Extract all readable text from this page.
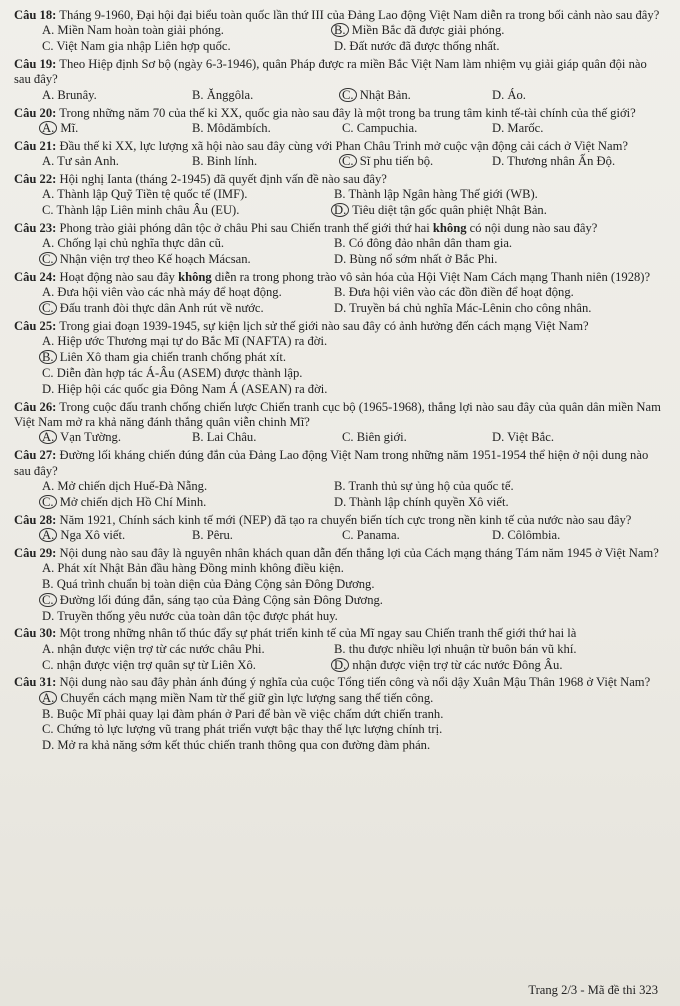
Câu 18: Tháng 9-1960, Đại hội đại biểu toàn quốc lần thứ III của Đảng Lao động Việt Nam diễn ra trong bối cảnh nào sau đây?
A. Miền Nam hoàn toàn giải phóng.	B. Miền Bắc đã được giải phóng.
C. Việt Nam gia nhập Liên hợp quốc.	D. Đất nước đã được thống nhất.
Câu 19: Theo Hiệp định Sơ bộ (ngày 6-3-1946), quân Pháp được ra miền Bắc Việt Nam làm nhiệm vụ giải giáp quân đội nào sau đây?
A. Brunây.	B. Ănggôla.	C. Nhật Bản.	D. Áo.
Câu 20: Trong những năm 70 của thế kỉ XX, quốc gia nào sau đây là một trong ba trung tâm kinh tế-tài chính của thế giới?
A. Mĩ.	B. Môdămbích.	C. Campuchia.	D. Marốc.
Câu 21: Đầu thế kỉ XX, lực lượng xã hội nào sau đây cùng với Phan Châu Trinh mở cuộc vận động cải cách ở Việt Nam?
A. Tư sản Anh.	B. Binh lính.	C. Sĩ phu tiến bộ.	D. Thương nhân Ấn Độ.
Câu 22: Hội nghị Ianta (tháng 2-1945) đã quyết định vấn đề nào sau đây?
A. Thành lập Quỹ Tiền tệ quốc tế (IMF).	B. Thành lập Ngân hàng Thế giới (WB).
C. Thành lập Liên minh châu Âu (EU).	D. Tiêu diệt tận gốc quân phiệt Nhật Bản.
Câu 23: Phong trào giải phóng dân tộc ở châu Phi sau Chiến tranh thế giới thứ hai không có nội dung nào sau đây?
A. Chống lại chủ nghĩa thực dân cũ.	B. Có đông đảo nhân dân tham gia.
C. Nhận viện trợ theo Kế hoạch Mácsan.	D. Bùng nổ sớm nhất ở Bắc Phi.
Câu 24: Hoạt động nào sau đây không diễn ra trong phong trào vô sản hóa của Hội Việt Nam Cách mạng Thanh niên (1928)?
A. Đưa hội viên vào các nhà máy để hoạt động.	B. Đưa hội viên vào các đồn điền để hoạt động.
C. Đấu tranh đòi thực dân Anh rút về nước.	D. Truyền bá chủ nghĩa Mác-Lênin cho công nhân.
Câu 25: Trong giai đoạn 1939-1945, sự kiện lịch sử thế giới nào sau đây có ảnh hưởng đến cách mạng Việt Nam?
A. Hiệp ước Thương mại tự do Bắc Mĩ (NAFTA) ra đời.
B. Liên Xô tham gia chiến tranh chống phát xít.
C. Diễn đàn hợp tác Á-Âu (ASEM) được thành lập.
D. Hiệp hội các quốc gia Đông Nam Á (ASEAN) ra đời.
Câu 26: Trong cuộc đấu tranh chống chiến lược Chiến tranh cục bộ (1965-1968), thắng lợi nào sau đây của quân dân miền Nam Việt Nam mở ra khả năng đánh thắng quân viễn chinh Mĩ?
A. Vạn Tường.	B. Lai Châu.	C. Biên giới.	D. Việt Bắc.
Câu 27: Đường lối kháng chiến đúng đắn của Đảng Lao động Việt Nam trong những năm 1951-1954 thể hiện ở nội dung nào sau đây?
A. Mở chiến dịch Huế-Đà Nẵng.	B. Tranh thủ sự ủng hộ của quốc tế.
C. Mở chiến dịch Hồ Chí Minh.	D. Thành lập chính quyền Xô viết.
Câu 28: Năm 1921, Chính sách kinh tế mới (NEP) đã tạo ra chuyển biến tích cực trong nền kinh tế của nước nào sau đây?
A. Nga Xô viết.	B. Pêru.	C. Panama.	D. Côlômbia.
Câu 29: Nội dung nào sau đây là nguyên nhân khách quan dẫn đến thắng lợi của Cách mạng tháng Tám năm 1945 ở Việt Nam?
A. Phát xít Nhật Bản đầu hàng Đồng minh không điều kiện.
B. Quá trình chuẩn bị toàn diện của Đảng Cộng sản Đông Dương.
C. Đường lối đúng đắn, sáng tạo của Đảng Cộng sản Đông Dương.
D. Truyền thống yêu nước của toàn dân tộc được phát huy.
Câu 30: Một trong những nhân tố thúc đẩy sự phát triển kinh tế của Mĩ ngay sau Chiến tranh thế giới thứ hai là
A. nhận được viện trợ từ các nước châu Phi.	B. thu được nhiều lợi nhuận từ buôn bán vũ khí.
C. nhận được viện trợ quân sự từ Liên Xô.	D. nhận được viện trợ từ các nước Đông Âu.
Câu 31: Nội dung nào sau đây phản ánh đúng ý nghĩa của cuộc Tổng tiến công và nổi dậy Xuân Mậu Thân 1968 ở Việt Nam?
A. Chuyển cách mạng miền Nam từ thế giữ gìn lực lượng sang thế tiến công.
B. Buộc Mĩ phải quay lại đàm phán ở Pari để bàn về việc chấm dứt chiến tranh.
C. Chứng tỏ lực lượng vũ trang phát triển vượt bậc thay thế lực lượng chính trị.
D. Mở ra khả năng sớm kết thúc chiến tranh thông qua con đường đàm phán.
Trang 2/3 - Mã đề thi 323
